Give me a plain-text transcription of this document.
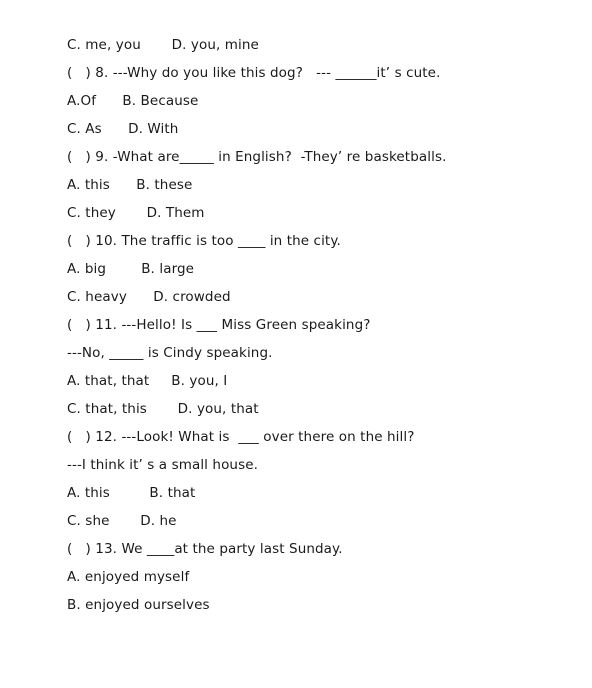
C. me, you       D. you, mine
(   ) 8. ---Why do you like this dog?   --- ______it’ s cute.
A.Of      B. Because
C. As      D. With
(   ) 9. -What are_____ in English?  -They’ re basketballs.
A. this      B. these
C. they       D. Them
(   ) 10. The traffic is too ____ in the city.
A. big        B. large
C. heavy      D. crowded
(   ) 11. ---Hello! Is ___ Miss Green speaking?
---No, _____ is Cindy speaking.
A. that, that     B. you, I
C. that, this       D. you, that
(   ) 12. ---Look! What is  ___ over there on the hill?
---I think it’ s a small house.
A. this         B. that
C. she       D. he
(   ) 13. We ____at the party last Sunday.
A. enjoyed myself
B. enjoyed ourselves
